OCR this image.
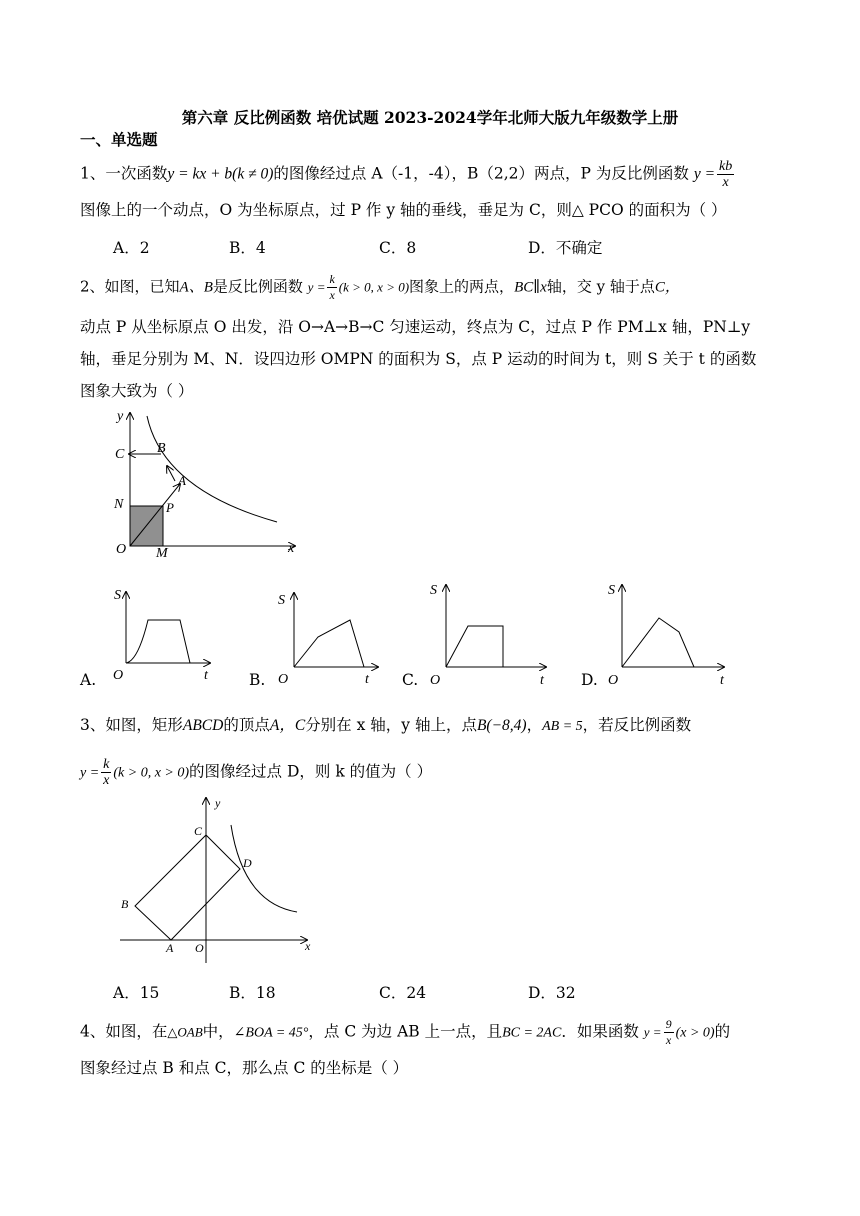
第六章 反比例函数 培优试题 2023-2024学年北师大版九年级数学上册
一、单选题
1、一次函数y = kx + b(k ≠ 0)的图像经过点 A（-1，-4），B（2,2）两点，P 为反比例函数 $y = \frac{kb}{x}$
图像上的一个动点，O 为坐标原点，过 P 作 y 轴的垂线，垂足为 C，则△ PCO 的面积为（ ）
A．2	B．4	C．8	D．不确定
2、如图，已知A、B是反比例函数 $y = \frac{k}{x} (k > 0$, x > 0)图象上的两点，BC∥x轴，交 y 轴于点C，
动点 P 从坐标原点 O 出发，沿 O→A→B→C 匀速运动，终点为 C，过点 P 作 PM⊥x 轴，PN⊥y
轴，垂足分别为 M、N．设四边形 OMPN 的面积为 S，点 P 运动的时间为 t，则 S 关于 t 的函数
图象大致为（ ）
y
x
C B
A
N	P
O M
A.
S
O	t	B.
S
O	t C.
S
O	t D.
S
O	t
3、如图，矩形ABCD的顶点A，C分别在 x 轴，y 轴上，点B(−8,4)，AB = 5，若反比例函数
$y = \frac{k}{x} (k > 0$, x > 0)的图像经过点 D，则 k 的值为（ ）
y
x
C
D
B
A O
A．15	B．18	C．24	D．32
4、如图，在△OAB中，∠BOA = 45°，点 C 为边 AB 上一点，且BC = 2AC．如果函数 $y = \frac{9}{x} (x > 0)$的
图象经过点 B 和点 C，那么点 C 的坐标是（ ）
